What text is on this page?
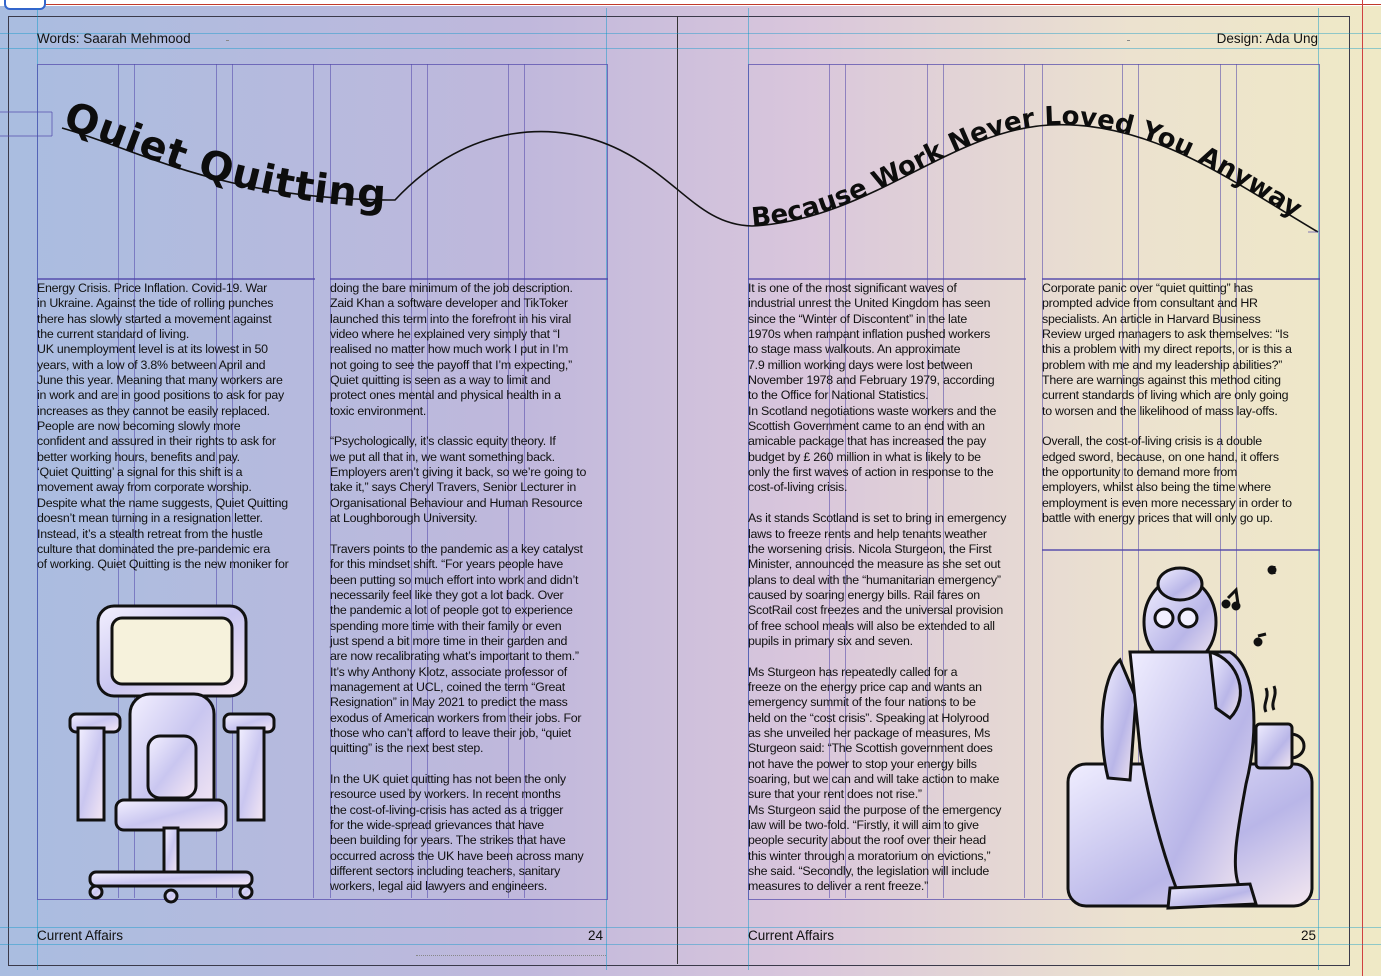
Words: Saarah Mehmood	Design: Ada Ung
Quiet Quitting	Because Work Never Loved You Anyway
Energy Crisis. Price Inflation. Covid-19. War
in Ukraine. Against the tide of rolling punches
there has slowly started a movement against
the current standard of living.
UK unemployment level is at its lowest in 50
years, with a low of 3.8% between April and
June this year. Meaning that many workers are
in work and are in good positions to ask for pay
increases as they cannot be easily replaced.
People are now becoming slowly more
confident and assured in their rights to ask for
better working hours, benefits and pay.
‘Quiet Quitting’ a signal for this shift is a
movement away from corporate worship.
Despite what the name suggests, Quiet Quitting
doesn’t mean turning in a resignation letter.
Instead, it’s a stealth retreat from the hustle
culture that dominated the pre-pandemic era
of working. Quiet Quitting is the new moniker for
doing the bare minimum of the job description.
Zaid Khan a software developer and TikToker
launched this term into the forefront in his viral
video where he explained very simply that “I
realised no matter how much work I put in I’m
not going to see the payoff that I’m expecting,”
Quiet quitting is seen as a way to limit and
protect ones mental and physical health in a
toxic environment.

“Psychologically, it’s classic equity theory. If
we put all that in, we want something back.
Employers aren’t giving it back, so we’re going to
take it,” says Cheryl Travers, Senior Lecturer in
Organisational Behaviour and Human Resource
at Loughborough University.

Travers points to the pandemic as a key catalyst
for this mindset shift. “For years people have
been putting so much effort into work and didn’t
necessarily feel like they got a lot back. Over
the pandemic a lot of people got to experience
spending more time with their family or even
just spend a bit more time in their garden and
are now recalibrating what’s important to them.”
It’s why Anthony Klotz, associate professor of
management at UCL, coined the term “Great
Resignation” in May 2021 to predict the mass
exodus of American workers from their jobs. For
those who can’t afford to leave their job, “quiet
quitting” is the next best step.

In the UK quiet quitting has not been the only
resource used by workers. In recent months
the cost-of-living-crisis has acted as a trigger
for the wide-spread grievances that have
been building for years. The strikes that have
occurred across the UK have been across many
different sectors including teachers, sanitary
workers, legal aid lawyers and engineers.
It is one of the most significant waves of
industrial unrest the United Kingdom has seen
since the “Winter of Discontent” in the late
1970s when rampant inflation pushed workers
to stage mass walkouts. An approximate
7.9 million working days were lost between
November 1978 and February 1979, according
to the Office for National Statistics.
In Scotland negotiations waste workers and the
Scottish Government came to an end with an
amicable package that has increased the pay
budget by £ 260 million in what is likely to be
only the first waves of action in response to the
cost-of-living crisis.

As it stands Scotland is set to bring in emergency
laws to freeze rents and help tenants weather
the worsening crisis. Nicola Sturgeon, the First
Minister, announced the measure as she set out
plans to deal with the “humanitarian emergency”
caused by soaring energy bills. Rail fares on
ScotRail cost freezes and the universal provision
of free school meals will also be extended to all
pupils in primary six and seven.

Ms Sturgeon has repeatedly called for a
freeze on the energy price cap and wants an
emergency summit of the four nations to be
held on the “cost crisis”. Speaking at Holyrood
as she unveiled her package of measures, Ms
Sturgeon said: “The Scottish government does
not have the power to stop your energy bills
soaring, but we can and will take action to make
sure that your rent does not rise.”
Ms Sturgeon said the purpose of the emergency
law will be two-fold. “Firstly, it will aim to give
people security about the roof over their head
this winter through a moratorium on evictions,”
she said. “Secondly, the legislation will include
measures to deliver a rent freeze.”
Corporate panic over “quiet quitting” has
prompted advice from consultant and HR
specialists. An article in Harvard Business
Review urged managers to ask themselves: “Is
this a problem with my direct reports, or is this a
problem with me and my leadership abilities?”
There are warnings against this method citing
current standards of living which are only going
to worsen and the likelihood of mass lay-offs.

Overall, the cost-of-living crisis is a double
edged sword, because, on one hand, it offers
the opportunity to demand more from
employers, whilst also being the time where
employment is even more necessary in order to
battle with energy prices that will only go up.
Current Affairs	24	Current Affairs	25
